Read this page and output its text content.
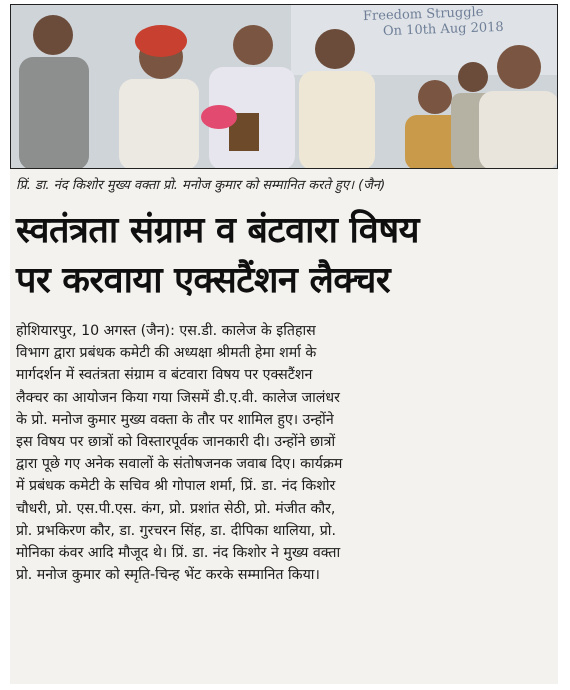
Freedom Struggle
On 10th Aug 2018
प्रिं. डा. नंद किशोर मुख्य वक्ता प्रो. मनोज कुमार को सम्मानित करते हुए। (जैन)
स्वतंत्रता संग्राम व बंटवारा विषय
पर करवाया एक्सटैंशन लैक्चर
होशियारपुर, 10 अगस्त (जैन): एस.डी. कालेज के इतिहास
विभाग द्वारा प्रबंधक कमेटी की अध्यक्षा श्रीमती हेमा शर्मा के
मार्गदर्शन में स्वतंत्रता संग्राम व बंटवारा विषय पर एक्सटैंशन
लैक्चर का आयोजन किया गया जिसमें डी.ए.वी. कालेज जालंधर
के प्रो. मनोज कुमार मुख्य वक्ता के तौर पर शामिल हुए। उन्होंने
इस विषय पर छात्रों को विस्तारपूर्वक जानकारी दी। उन्होंने छात्रों
द्वारा पूछे गए अनेक सवालों के संतोषजनक जवाब दिए। कार्यक्रम
में प्रबंधक कमेटी के सचिव श्री गोपाल शर्मा, प्रिं. डा. नंद किशोर
चौधरी, प्रो. एस.पी.एस. कंग, प्रो. प्रशांत सेठी, प्रो. मंजीत कौर,
प्रो. प्रभकिरण कौर, डा. गुरचरन सिंह, डा. दीपिका थालिया, प्रो.
मोनिका कंवर आदि मौजूद थे। प्रिं. डा. नंद किशोर ने मुख्य वक्ता
प्रो. मनोज कुमार को स्मृति-चिन्ह भेंट करके सम्मानित किया।
